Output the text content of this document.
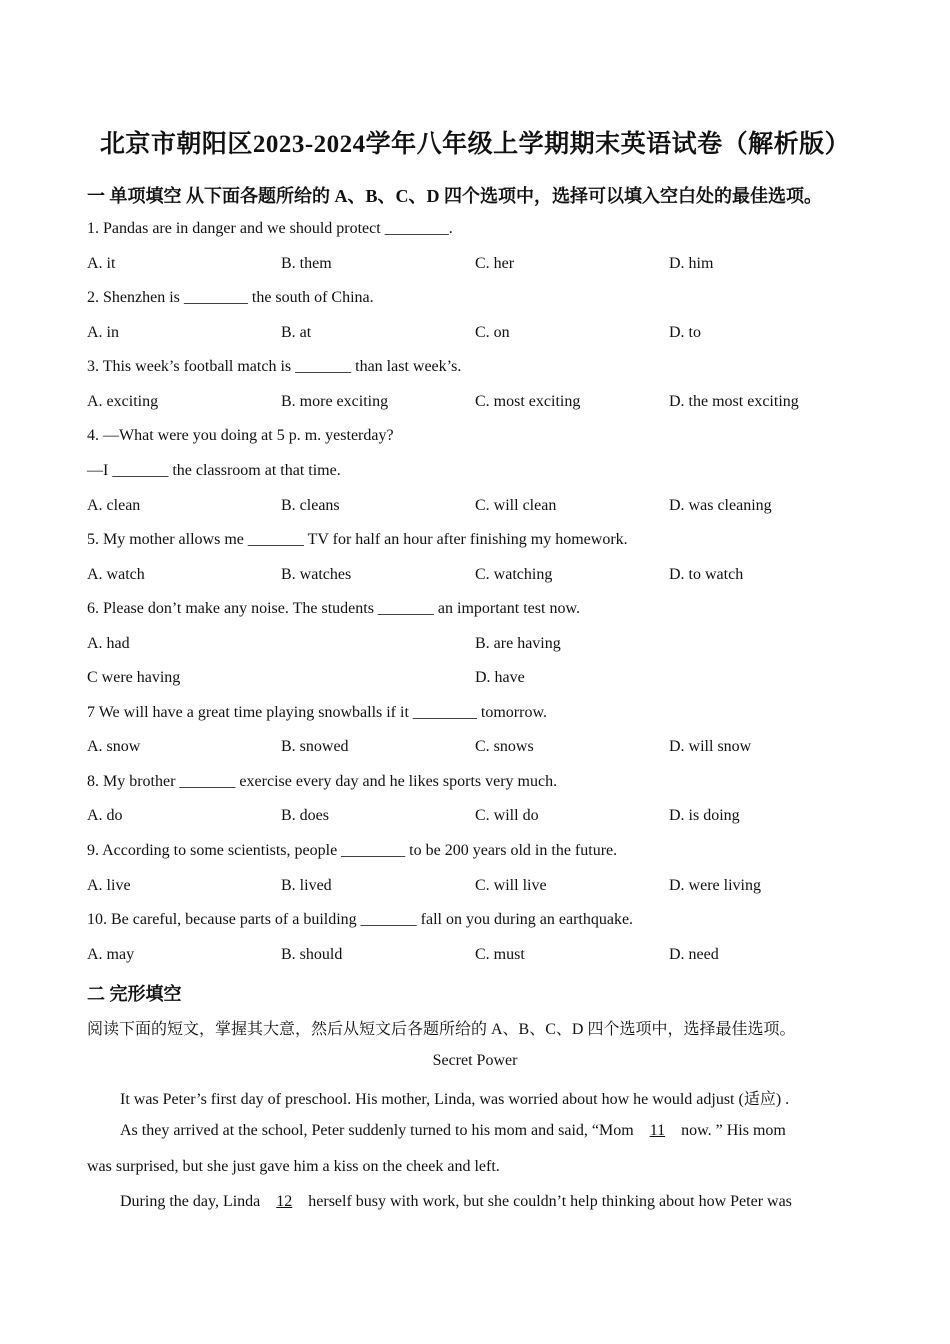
北京市朝阳区2023-2024学年八年级上学期期末英语试卷（解析版）
一 单项填空 从下面各题所给的 A、B、C、D 四个选项中，选择可以填入空白处的最佳选项。
1. Pandas are in danger and we should protect ________.
A. it	B. them	C. her	D. him
2. Shenzhen is ________ the south of China.
A. in	B. at	C. on	D. to
3. This week’s football match is _______ than last week’s.
A. exciting	B. more exciting	C. most exciting	D. the most exciting
4. —What were you doing at 5 p. m. yesterday?
—I _______ the classroom at that time.
A. clean	B. cleans	C. will clean	D. was cleaning
5. My mother allows me _______ TV for half an hour after finishing my homework.
A. watch	B. watches	C. watching	D. to watch
6. Please don’t make any noise. The students _______ an important test now.
A. had	B. are having
C were having	D. have
7 We will have a great time playing snowballs if it ________ tomorrow.
A. snow	B. snowed	C. snows	D. will snow
8. My brother _______ exercise every day and he likes sports very much.
A. do	B. does	C. will do	D. is doing
9. According to some scientists, people ________ to be 200 years old in the future.
A. live	B. lived	C. will live	D. were living
10. Be careful, because parts of a building _______ fall on you during an earthquake.
A. may	B. should	C. must	D. need
二 完形填空
阅读下面的短文，掌握其大意，然后从短文后各题所给的 A、B、C、D 四个选项中，选择最佳选项。
Secret Power
It was Peter’s first day of preschool. His mother, Linda, was worried about how he would adjust (适应) .
As they arrived at the school, Peter suddenly turned to his mom and said, “Mom 11 now. ” His mom
was surprised, but she just gave him a kiss on the cheek and left.
During the day, Linda 12 herself busy with work, but she couldn’t help thinking about how Peter was
